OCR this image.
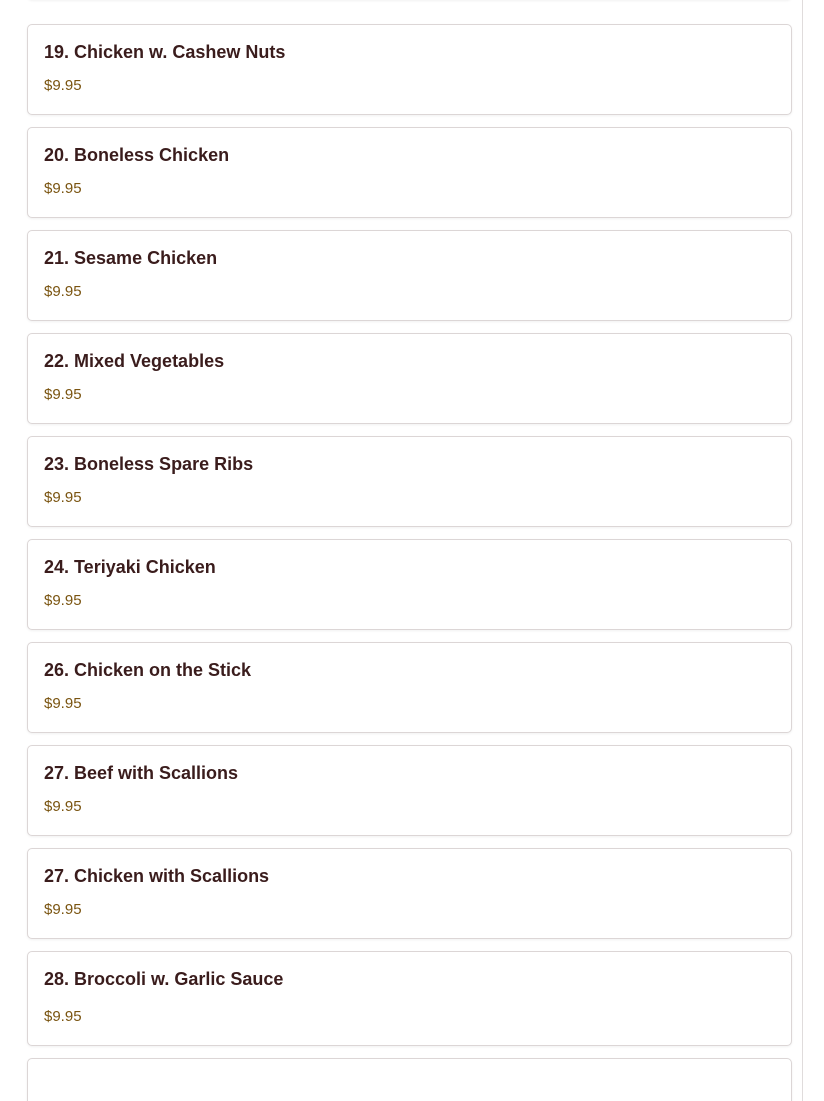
19. Chicken w. Cashew Nuts
$9.95
20. Boneless Chicken
$9.95
21. Sesame Chicken
$9.95
22. Mixed Vegetables
$9.95
23. Boneless Spare Ribs
$9.95
24. Teriyaki Chicken
$9.95
26. Chicken on the Stick
$9.95
27. Beef with Scallions
$9.95
27. Chicken with Scallions
$9.95
28. Broccoli w. Garlic Sauce
$9.95
